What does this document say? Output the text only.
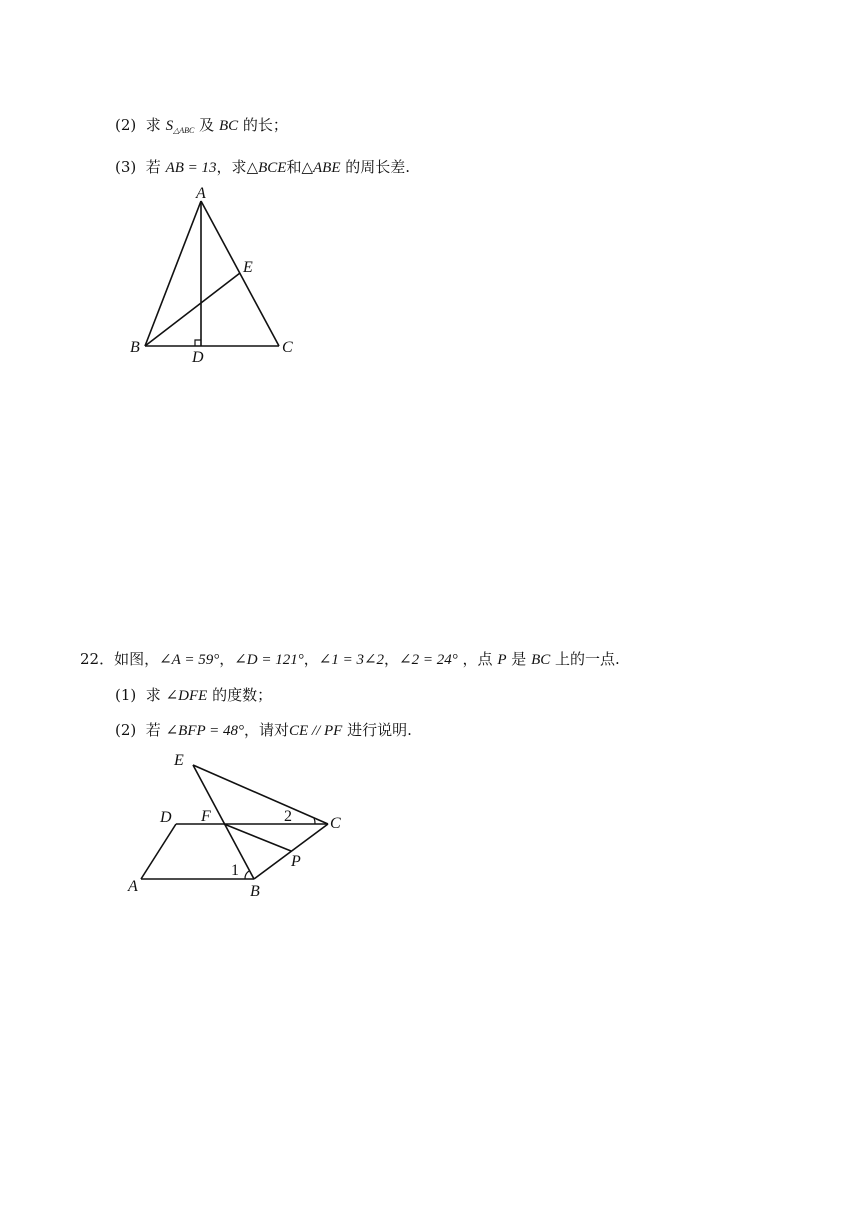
(2) 求 $S_{\triangle ABC}$ 及 BC 的长；
(3) 若 AB = 13，求△BCE和△ABE 的周长差.
A
B	C
D
E
22．如图，∠A = 59°，∠D = 121°，∠1 = 3∠2，∠2 = 24° ，点 P 是 BC 上的一点.
(1) 求 ∠DFE 的度数；
(2) 若 ∠BFP = 48°，请对CE // PF 进行说明.
E
D F	C
A	B
P
1
2
